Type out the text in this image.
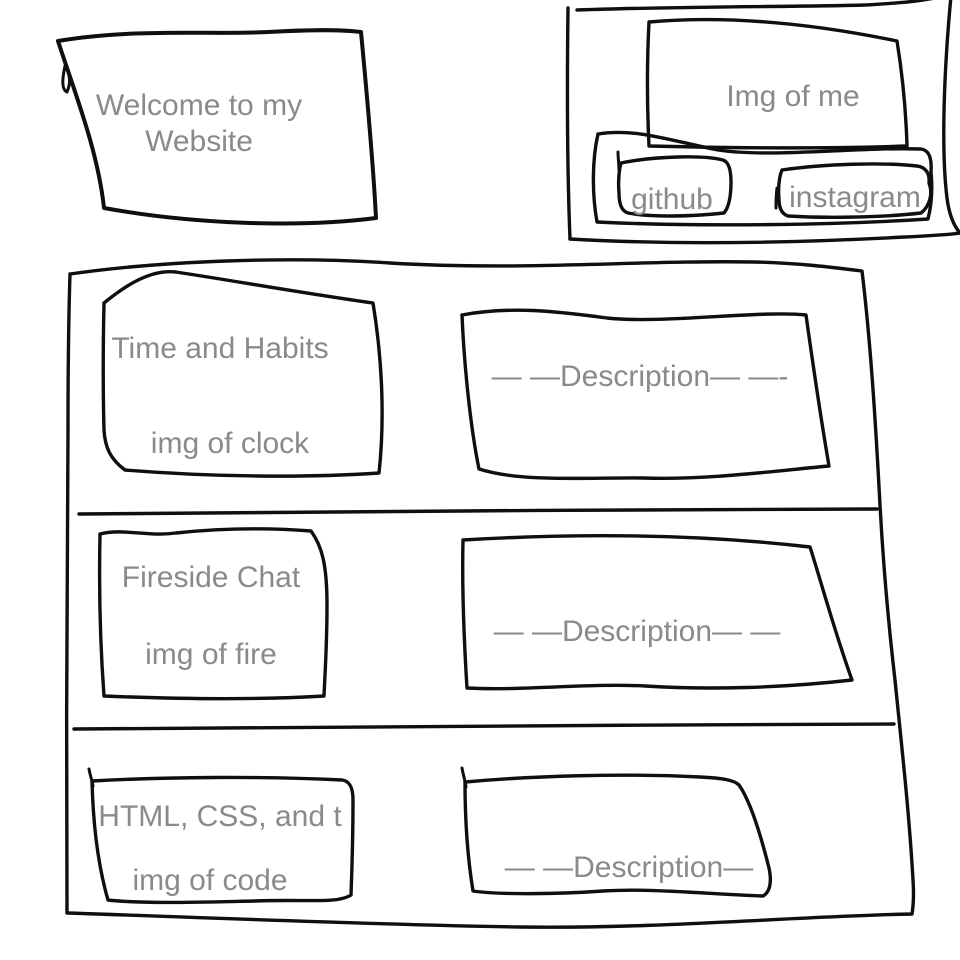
Welcome to my
Website
Img of me
github	instagram
Time and Habits
img of clock
— —Description— —-
Fireside Chat
img of fire
— —Description— —
HTML, CSS, and t
img of code	— —Description—
